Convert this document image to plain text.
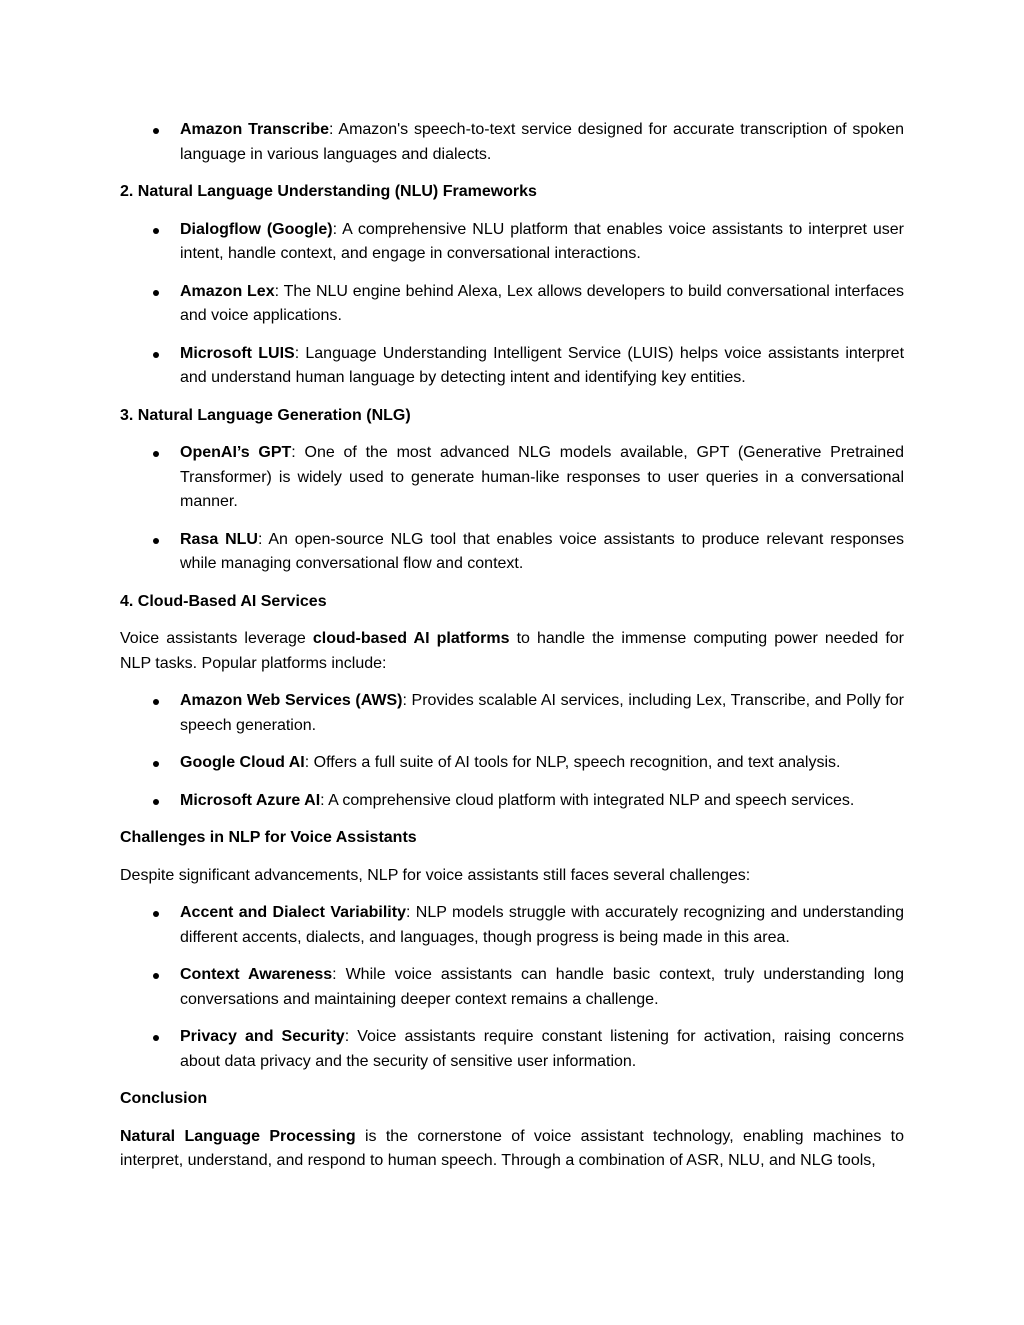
Amazon Transcribe: Amazon's speech-to-text service designed for accurate transcription of spoken language in various languages and dialects.

2. Natural Language Understanding (NLU) Frameworks

Dialogflow (Google): A comprehensive NLU platform that enables voice assistants to interpret user intent, handle context, and engage in conversational interactions.
Amazon Lex: The NLU engine behind Alexa, Lex allows developers to build conversational interfaces and voice applications.
Microsoft LUIS: Language Understanding Intelligent Service (LUIS) helps voice assistants interpret and understand human language by detecting intent and identifying key entities.

3. Natural Language Generation (NLG)

OpenAI’s GPT: One of the most advanced NLG models available, GPT (Generative Pretrained Transformer) is widely used to generate human-like responses to user queries in a conversational manner.
Rasa NLU: An open-source NLG tool that enables voice assistants to produce relevant responses while managing conversational flow and context.

4. Cloud-Based AI Services

Voice assistants leverage cloud-based AI platforms to handle the immense computing power needed for NLP tasks. Popular platforms include:

Amazon Web Services (AWS): Provides scalable AI services, including Lex, Transcribe, and Polly for speech generation.
Google Cloud AI: Offers a full suite of AI tools for NLP, speech recognition, and text analysis.
Microsoft Azure AI: A comprehensive cloud platform with integrated NLP and speech services.

Challenges in NLP for Voice Assistants

Despite significant advancements, NLP for voice assistants still faces several challenges:

Accent and Dialect Variability: NLP models struggle with accurately recognizing and understanding different accents, dialects, and languages, though progress is being made in this area.
Context Awareness: While voice assistants can handle basic context, truly understanding long conversations and maintaining deeper context remains a challenge.
Privacy and Security: Voice assistants require constant listening for activation, raising concerns about data privacy and the security of sensitive user information.

Conclusion

Natural Language Processing is the cornerstone of voice assistant technology, enabling machines to interpret, understand, and respond to human speech. Through a combination of ASR, NLU, and NLG tools,
